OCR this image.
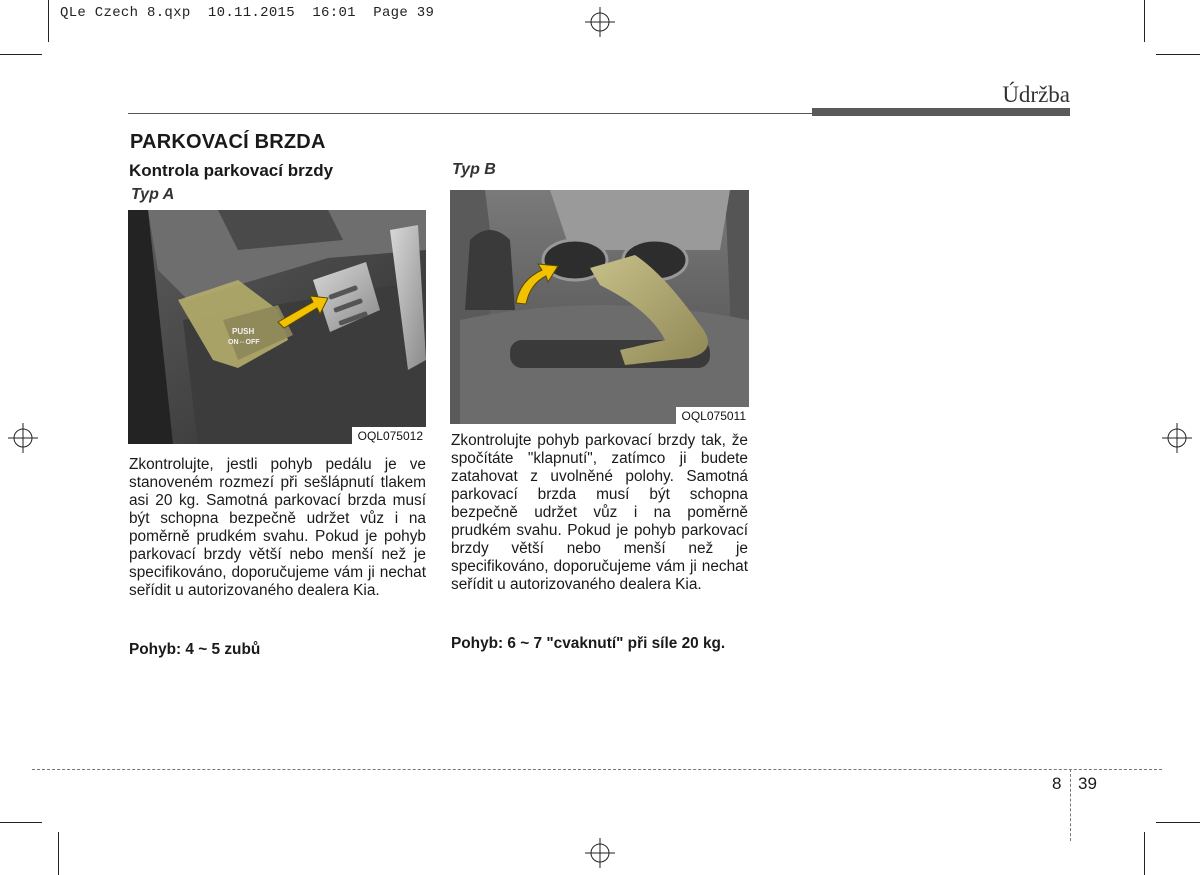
QLe Czech 8.qxp  10.11.2015  16:01  Page 39
Údržba
PARKOVACÍ BRZDA
Kontrola parkovací brzdy
Typ A
Typ B
PUSH
ON⇔OFF
OQL075012
OQL075011
Zkontrolujte, jestli pohyb pedálu je ve stanoveném rozmezí při sešlápnutí tlakem asi 20 kg. Samotná parkovací brzda musí být schopna bezpečně udržet vůz i na poměrně prudkém svahu. Pokud je pohyb parkovací brzdy větší nebo menší než je specifikováno, doporučujeme vám ji nechat seřídit u autorizovaného dealera Kia.
Zkontrolujte pohyb parkovací brzdy tak, že spočítáte "klapnutí", zatímco ji budete zatahovat z uvolněné polohy. Samotná parkovací brzda musí být schopna bezpečně udržet vůz i na poměrně prudkém svahu. Pokud je pohyb parkovací brzdy větší nebo menší než je specifikováno, doporučujeme vám ji nechat seřídit u autorizovaného dealera Kia.
Pohyb: 4 ~ 5 zubů	Pohyb: 6 ~ 7 "cvaknutí" při síle 20 kg.
8 39
